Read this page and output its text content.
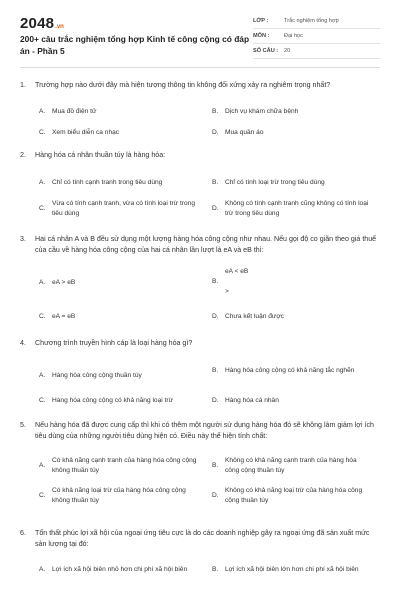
2048.vn
200+ câu trắc nghiệm tổng hợp Kinh tế công cộng có đáp án - Phần 5
LỚP :	Trắc nghiệm tổng hợp
MÔN :	Đại học
SỐ CÂU :	20
1.	Trường hợp nào dưới đây mà hiện tượng thông tin không đối xứng xảy ra nghiêm trọng nhất?
A.	Mua đồ điện tử	B.	Dịch vụ khám chữa bệnh
C. Xem biểu diễn ca nhạc	D. Mua quần áo
2.	Hàng hóa cá nhân thuần túy là hàng hóa:
A.	Chỉ có tính cạnh tranh trong tiêu dùng	B.	Chỉ có tính loại trừ trong tiêu dùng
C.
Vừa có tính cạnh tranh, vừa có tính loại trừ trong tiêu dùng
D.
Không có tính cạnh tranh cũng không có tính loại trừ trong tiêu dùng
3.	Hai cá nhân A và B đều sử dụng một lượng hàng hóa công cộng như nhau. Nếu gọi độ co giãn theo giá thuế của cầu về hàng hóa công cộng của hai cá nhân lần lượt là eA và eB thì:
A.	eA > eB	B.
eA < eB
>
C. eA = eB	D. Chưa kết luận được
4.	Chương trình truyền hình cáp là loại hàng hóa gì?
A.	Hàng hóa công cộng thuần túy
B.	Hàng hóa công cộng có khả năng tắc nghẽn
C. Hàng hóa công cộng có khả năng loại trừ	D. Hàng hóa cá nhân
5.	Nếu hàng hóa đã được cung cấp thì khi có thêm một người sử dụng hàng hóa đó sẽ không làm giảm lợi ích tiêu dùng của những người tiêu dùng hiện có. Điều này thể hiện tính chất:
A.
Có khả năng cạnh tranh của hàng hóa công cộng không thuần túy
B.
Không có khả năng cạnh tranh của hàng hóa công cộng thuần túy
C.
Có khả năng loại trừ của hàng hóa công cộng không thuần túy
D.
Không có khả năng loại trừ của hàng hóa công cộng thuần túy
6.	Tổn thất phúc lợi xã hội của ngoại ứng tiêu cực là do các doanh nghiệp gây ra ngoại ứng đã sản xuất mức sản lượng tại đó:
A.	Lợi ích xã hội biên nhỏ hơn chi phí xã hội biên	B.	Lợi ích xã hội biên lớn hơn chi phí xã hội biên
